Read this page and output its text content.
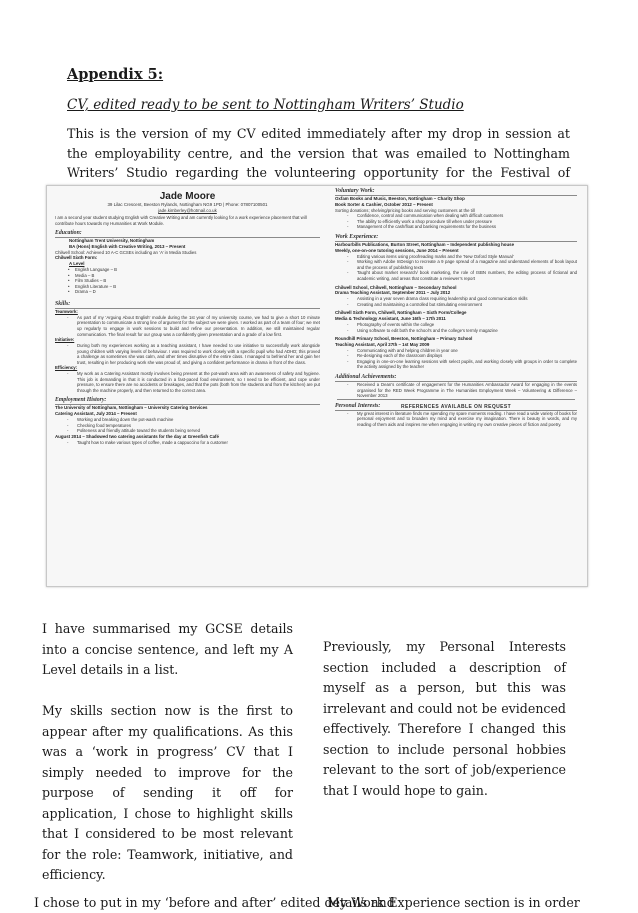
Appendix 5:
CV, edited ready to be sent to Nottingham Writers’ Studio
This is the version of my CV edited immediately after my drop in session at the employability centre, and the version that was emailed to Nottingham Writers’ Studio regarding the volunteering opportunity for the Festival of
Jade Moore
39 Lilac Crescent, Beeston Rylands, Nottingham NG9 1PD | Phone: 07807100501
jade.kimberley@hotmail.co.uk
I am a second year student studying English with Creative Writing and am currently looking for a work experience placement that will contribute hours towards my Humanities at Work Module.
Education:
Nottingham Trent University, Nottingham
BA (Hons) English with Creative Writing, 2013 – Present
Chilwell School: Achieved 10 A-C GCSEs including an ‘A’ in Media Studies
Chilwell Sixth Form:
A Level
• English Language – B
• Media – B
• Film Studies – B
• English Literature – B
• Drama – D
Skills:
Teamwork:
- As part of my ‘Arguing About English’ module during the 1st year of my university course, we had to give a short 10 minute presentation to communicate a strong line of argument for the subject we were given. I worked as part of a team of four; we met up regularly to engage in work sessions to build and refine our presentation. In addition, we still maintained regular communication. The final result for our group was a confidently given presentation and a grade of a low first.
Initiative:
- During both my experiences working as a teaching assistant, I have needed to use initiative to successfully work alongside young children with varying levels of behaviour. I was required to work closely with a specific pupil who had ADHD; this proved a challenge as sometimes she was calm, and other times disruptive of the entire class. I managed to befriend her and gain her trust, resulting in her producing work she was proud of, and giving a confident performance in drama in front of the class.
Efficiency:
- My work as a Catering Assistant mostly involves being present at the pot-wash area with an awareness of safety and hygiene. This job is demanding in that it is conducted in a fast-paced food environment, so I need to be efficient, and cope under pressure, to ensure there are no accidents or breakages, and that the pots (both from the students and from the kitchen) are put through the machine properly, and then returned to the correct area.
Employment History:
The University of Nottingham, Nottingham – University Catering Services
Catering Assistant, July 2014 – Present
- Working and breaking down the pot-wash machine
- Checking food temperatures
- Politeness and friendly attitude toward the students being served
August 2014 – Shadowed two catering assistants for the day at Greenfish Café
- Taught how to make various types of coffee, made a cappuccino for a customer
Voluntary Work:
Oxfam Books and Music, Beeston, Nottingham – Charity Shop
Book Sorter & Cashier, October 2012 – Present
Sorting donations; shelving/pricing books and serving customers at the till
- Confidence, control and communication when dealing with difficult customers
- The ability to efficiently work a shop procedure till when under pressure
- Management of the cash/float and banking requirements for the business
Work Experience:
Harbourbills Publications, Burton Street, Nottingham – Independent publishing house
Weekly, one-on-one tutoring sessions, June 2014 – Present
- Editing various items using proofreading marks and the ‘New Oxford Style Manual’
- Working with Adobe InDesign to recreate a 9 page spread of a magazine and understand elements of book layout and the process of publishing texts
- Taught about market research/ book marketing, the role of ISBN numbers, the editing process of fictional and academic writing, and areas that constitute a reviewer’s report
Chilwell School, Chilwell, Nottingham – Secondary School
Drama Teaching Assistant, September 2011 – July 2012
- Assisting in a year seven drama class requiring leadership and good communication skills
- Creating and maintaining a controlled but stimulating environment
Chilwell Sixth Form, Chilwell, Nottingham – Sixth Form/College
Media & Technology Assistant, June 16th – 17th 2011
- Photography of events within the college
- Using software to edit both the school’s and the college’s termly magazine
Roundhill Primary School, Beeston, Nottingham – Primary School
Teaching Assistant, April 27th – 1st May 2009
- Communicating with and helping children in year one
- Re-designing each of the classroom displays
- Engaging in one-on-one learning sessions with select pupils, and working closely with groups in order to complete the activity assigned by the teacher
Additional Achievements:
- Received a Dean’s certificate of engagement for the Humanities Ambassador Award for engaging in the events organised for the RED Week Programme in The Humanities Employment Week – Volunteering & Difference – November 2013
Personal Interests:
- My great interest in literature finds me spending my spare moments reading. I have read a wide variety of books for personal enjoyment and to broaden my mind and exercise my imagination. There is beauty in words, and my reading of them aids and inspires me when engaging in writing my own creative pieces of fiction and poetry.
REFERENCES AVAILABLE ON REQUEST
I have summarised my GCSE details into a concise sentence, and left my A Level details in a list.
My skills section now is the first to appear after my qualifications. As this was a ‘work in progress’ CV that I simply needed to improve for the purpose of sending it off for application, I chose to highlight skills that I considered to be most relevant for the role: Teamwork, initiative, and efficiency.
Previously, my Personal Interests section included a description of myself as a person, but this was irrelevant and could not be evidenced effectively. Therefore I changed this section to include personal hobbies relevant to the sort of job/experience that I would hope to gain.
I chose to put in my ‘before and after’ edited details and
My Work Experience section is in order
